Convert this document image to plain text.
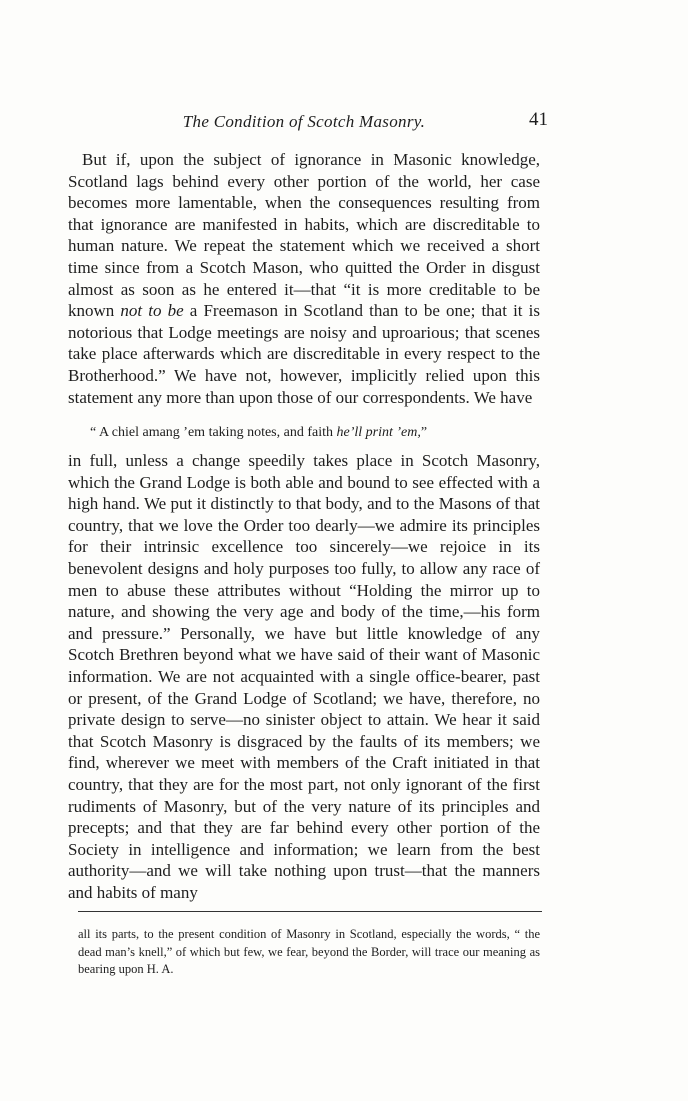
The Condition of Scotch Masonry.	41

But if, upon the subject of ignorance in Masonic knowledge, Scotland lags behind every other portion of the world, her case becomes more lamentable, when the consequences resulting from that ignorance are manifested in habits, which are discreditable to human nature. We repeat the statement which we received a short time since from a Scotch Mason, who quitted the Order in disgust almost as soon as he entered it—that “it is more creditable to be known not to be a Freemason in Scotland than to be one; that it is notorious that Lodge meetings are noisy and uproarious; that scenes take place afterwards which are discreditable in every respect to the Brotherhood.” We have not, however, implicitly relied upon this statement any more than upon those of our correspondents. We have

“ A chiel amang ’em taking notes, and faith he’ll print ’em,”

in full, unless a change speedily takes place in Scotch Masonry, which the Grand Lodge is both able and bound to see effected with a high hand. We put it distinctly to that body, and to the Masons of that country, that we love the Order too dearly—we admire its principles for their intrinsic excellence too sincerely—we rejoice in its benevolent designs and holy purposes too fully, to allow any race of men to abuse these attributes without “Holding the mirror up to nature, and showing the very age and body of the time,—his form and pressure.” Personally, we have but little knowledge of any Scotch Brethren beyond what we have said of their want of Masonic information. We are not acquainted with a single office-bearer, past or present, of the Grand Lodge of Scotland; we have, therefore, no private design to serve—no sinister object to attain. We hear it said that Scotch Masonry is disgraced by the faults of its members; we find, wherever we meet with members of the Craft initiated in that country, that they are for the most part, not only ignorant of the first rudiments of Masonry, but of the very nature of its principles and precepts; and that they are far behind every other portion of the Society in intelligence and information; we learn from the best authority—and we will take nothing upon trust—that the manners and habits of many

all its parts, to the present condition of Masonry in Scotland, especially the words, “ the dead man’s knell,” of which but few, we fear, beyond the Border, will trace our meaning as bearing upon H. A.
